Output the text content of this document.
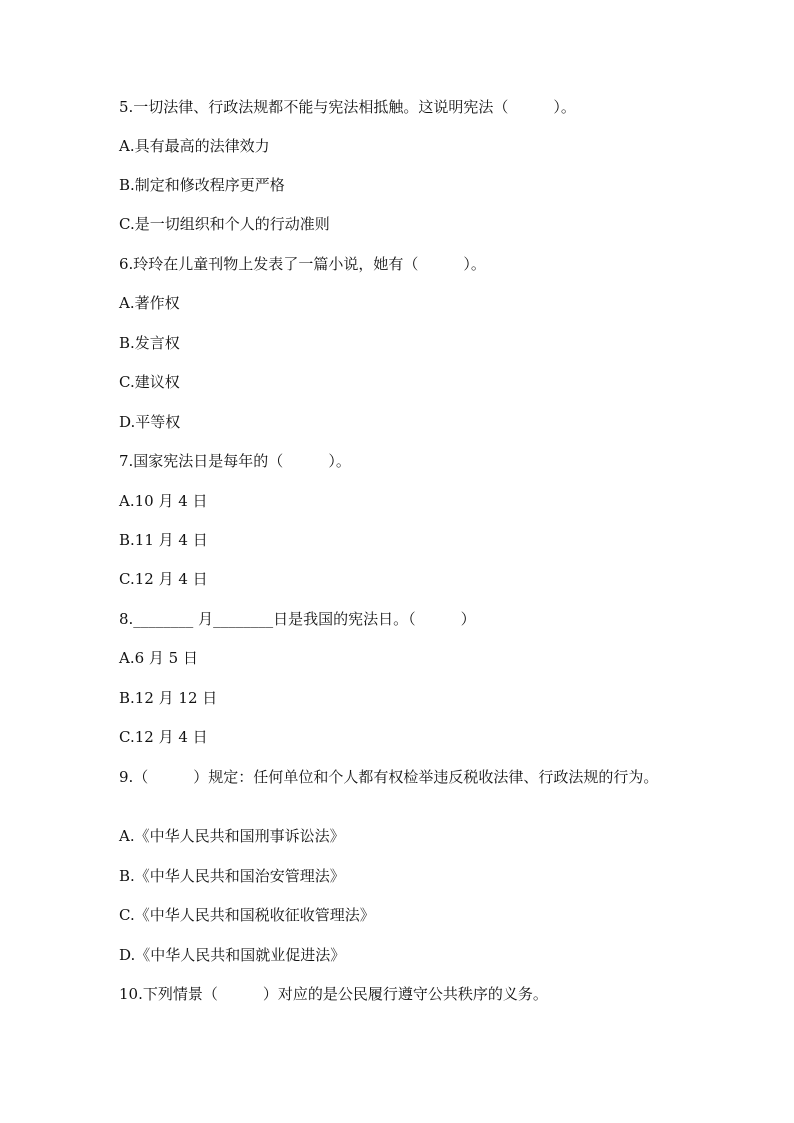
5.一切法律、行政法规都不能与宪法相抵触。这说明宪法（　　　）。
A.具有最高的法律效力
B.制定和修改程序更严格
C.是一切组织和个人的行动准则
6.玲玲在儿童刊物上发表了一篇小说，她有（　　　）。
A.著作权
B.发言权
C.建议权
D.平等权
7.国家宪法日是每年的（　　　）。
A.10 月 4 日
B.11 月 4 日
C.12 月 4 日
8.________ 月________日是我国的宪法日。（　　　）
A.6 月 5 日
B.12 月 12 日
C.12 月 4 日
9.（　　　）规定：任何单位和个人都有权检举违反税收法律、行政法规的行为。
A.《中华人民共和国刑事诉讼法》
B.《中华人民共和国治安管理法》
C.《中华人民共和国税收征收管理法》
D.《中华人民共和国就业促进法》
10.下列情景（　　　）对应的是公民履行遵守公共秩序的义务。
